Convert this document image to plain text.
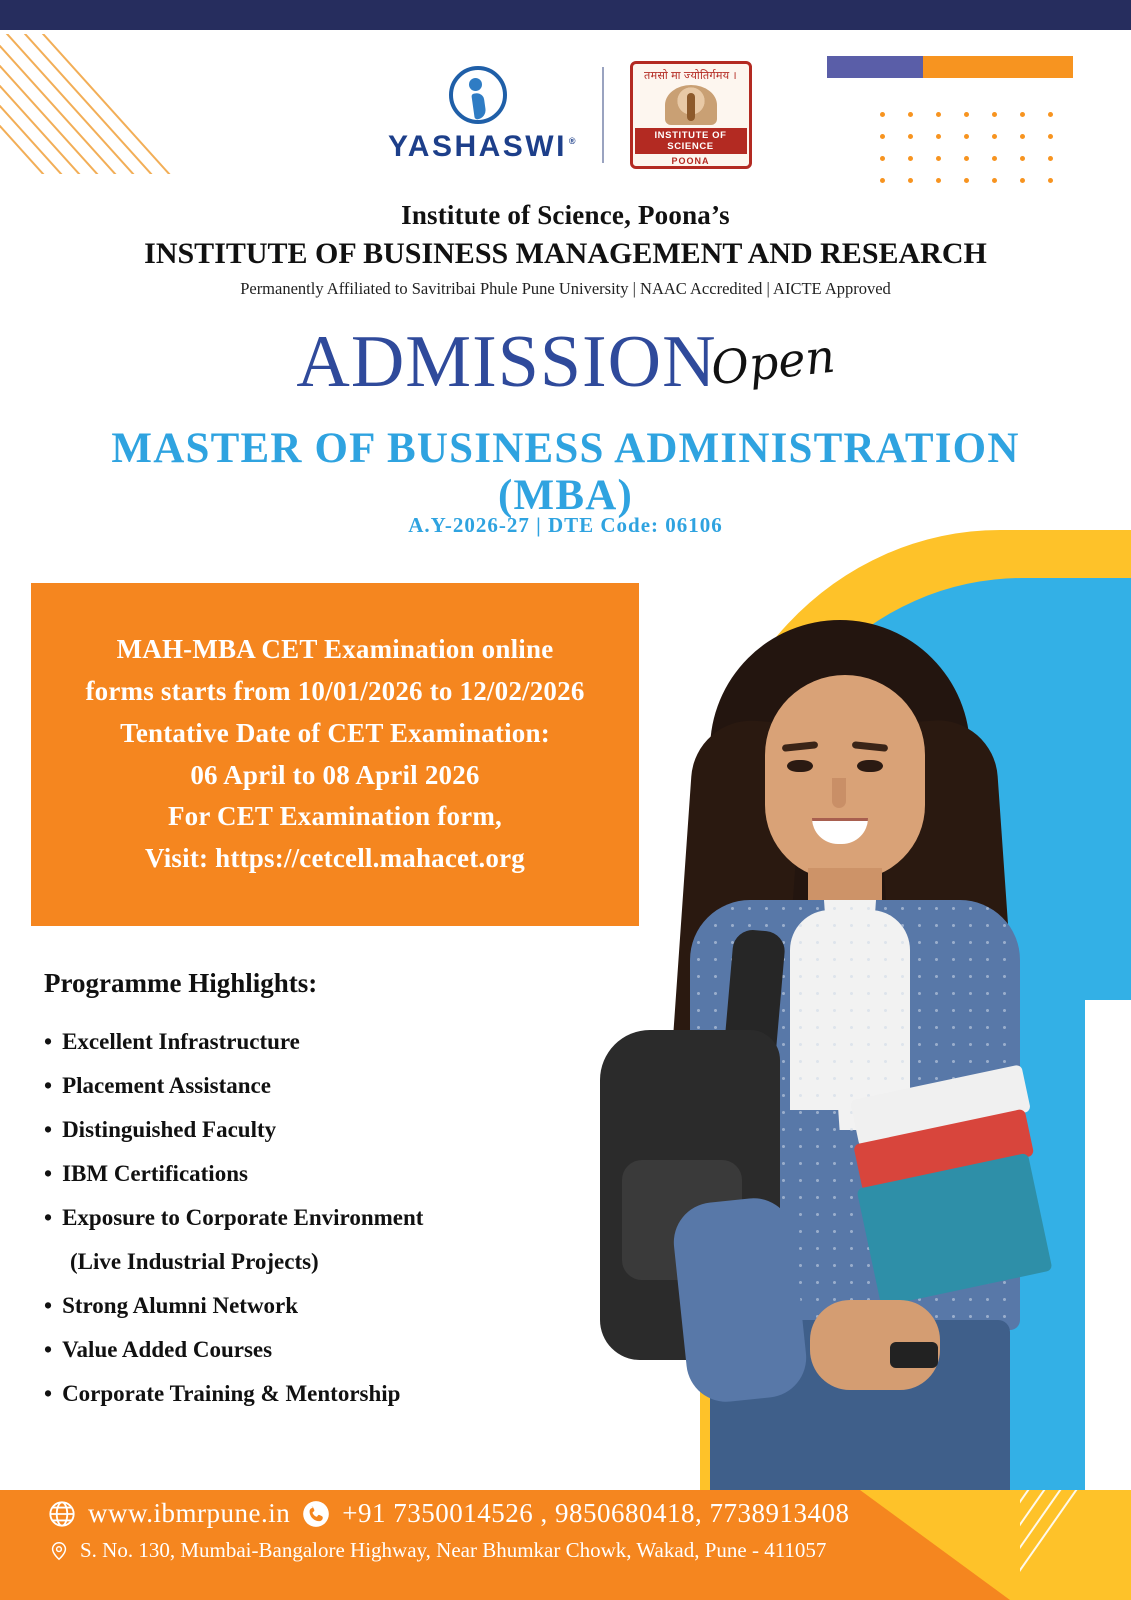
YASHASWI ®
तमसो मा ज्योतिर्गमय ।
INSTITUTE OF SCIENCE
POONA
Institute of Science, Poona’s
INSTITUTE OF BUSINESS MANAGEMENT AND RESEARCH
Permanently Affiliated to Savitribai Phule Pune University | NAAC Accredited | AICTE Approved
ADMISSION
Open
MASTER OF BUSINESS ADMINISTRATION
(MBA)
A.Y-2026-27 | DTE Code: 06106

MAH-MBA CET Examination online

forms starts from 10/01/2026 to 12/02/2026

Tentative Date of CET Examination:

06 April to 08 April 2026

For CET Examination form,

Visit: https://cetcell.mahacet.org

Programme Highlights:
• Excellent Infrastructure
• Placement Assistance
• Distinguished Faculty
• IBM Certifications
• Exposure to Corporate Environment
(Live Industrial Projects)
• Strong Alumni Network
• Value Added Courses
• Corporate Training & Mentorship
www.ibmrpune.in +91 7350014526 , 9850680418, 7738913408
S. No. 130, Mumbai-Bangalore Highway, Near Bhumkar Chowk, Wakad, Pune - 411057
